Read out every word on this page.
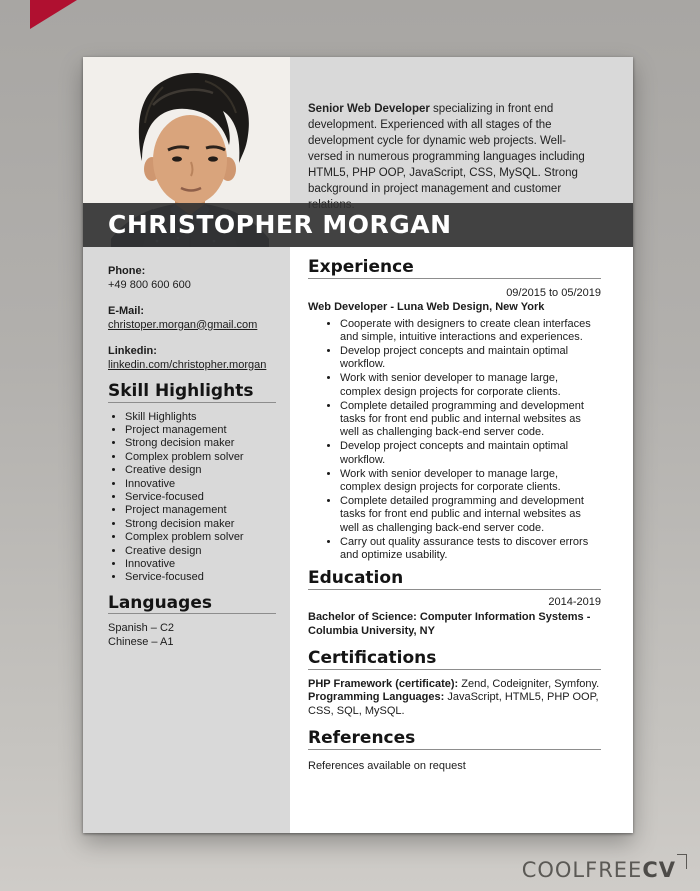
Senior Web Developer specializing in front end development. Experienced with all stages of the development cycle for dynamic web projects. Well-versed in numerous programming languages including HTML5, PHP OOP, JavaScript, CSS, MySQL. Strong background in project management and customer
CHRISTOPHER MORGAN
Phone:
+49 800 600 600
E-Mail:
christoper.morgan@gmail.com
Linkedin:
linkedin.com/christopher.morgan
Skill Highlights
• Skill Highlights
• Project management
• Strong decision maker
• Complex problem solver
• Creative design
• Innovative
• Service-focused
• Project management
• Strong decision maker
• Complex problem solver
• Creative design
• Innovative
• Service-focused
Languages
Spanish – C2
Chinese – A1
Experience
09/2015 to 05/2019
Web Developer - Luna Web Design, New York
• Cooperate with designers to create clean interfaces and simple, intuitive interactions and experiences.
• Develop project concepts and maintain optimal workflow.
• Work with senior developer to manage large, complex design projects for corporate clients.
• Complete detailed programming and development tasks for front end public and internal websites as well as challenging back-end server code.
• Develop project concepts and maintain optimal workflow.
• Work with senior developer to manage large, complex design projects for corporate clients.
• Complete detailed programming and development tasks for front end public and internal websites as well as challenging back-end server code.
• Carry out quality assurance tests to discover errors and optimize usability.
Education
2014-2019
Bachelor of Science: Computer Information Systems - Columbia University, NY
Certifications
PHP Framework (certificate): Zend, Codeigniter, Symfony.
Programming Languages: JavaScript, HTML5, PHP OOP, CSS, SQL, MySQL.
References
References available on request
COOLFREECV
